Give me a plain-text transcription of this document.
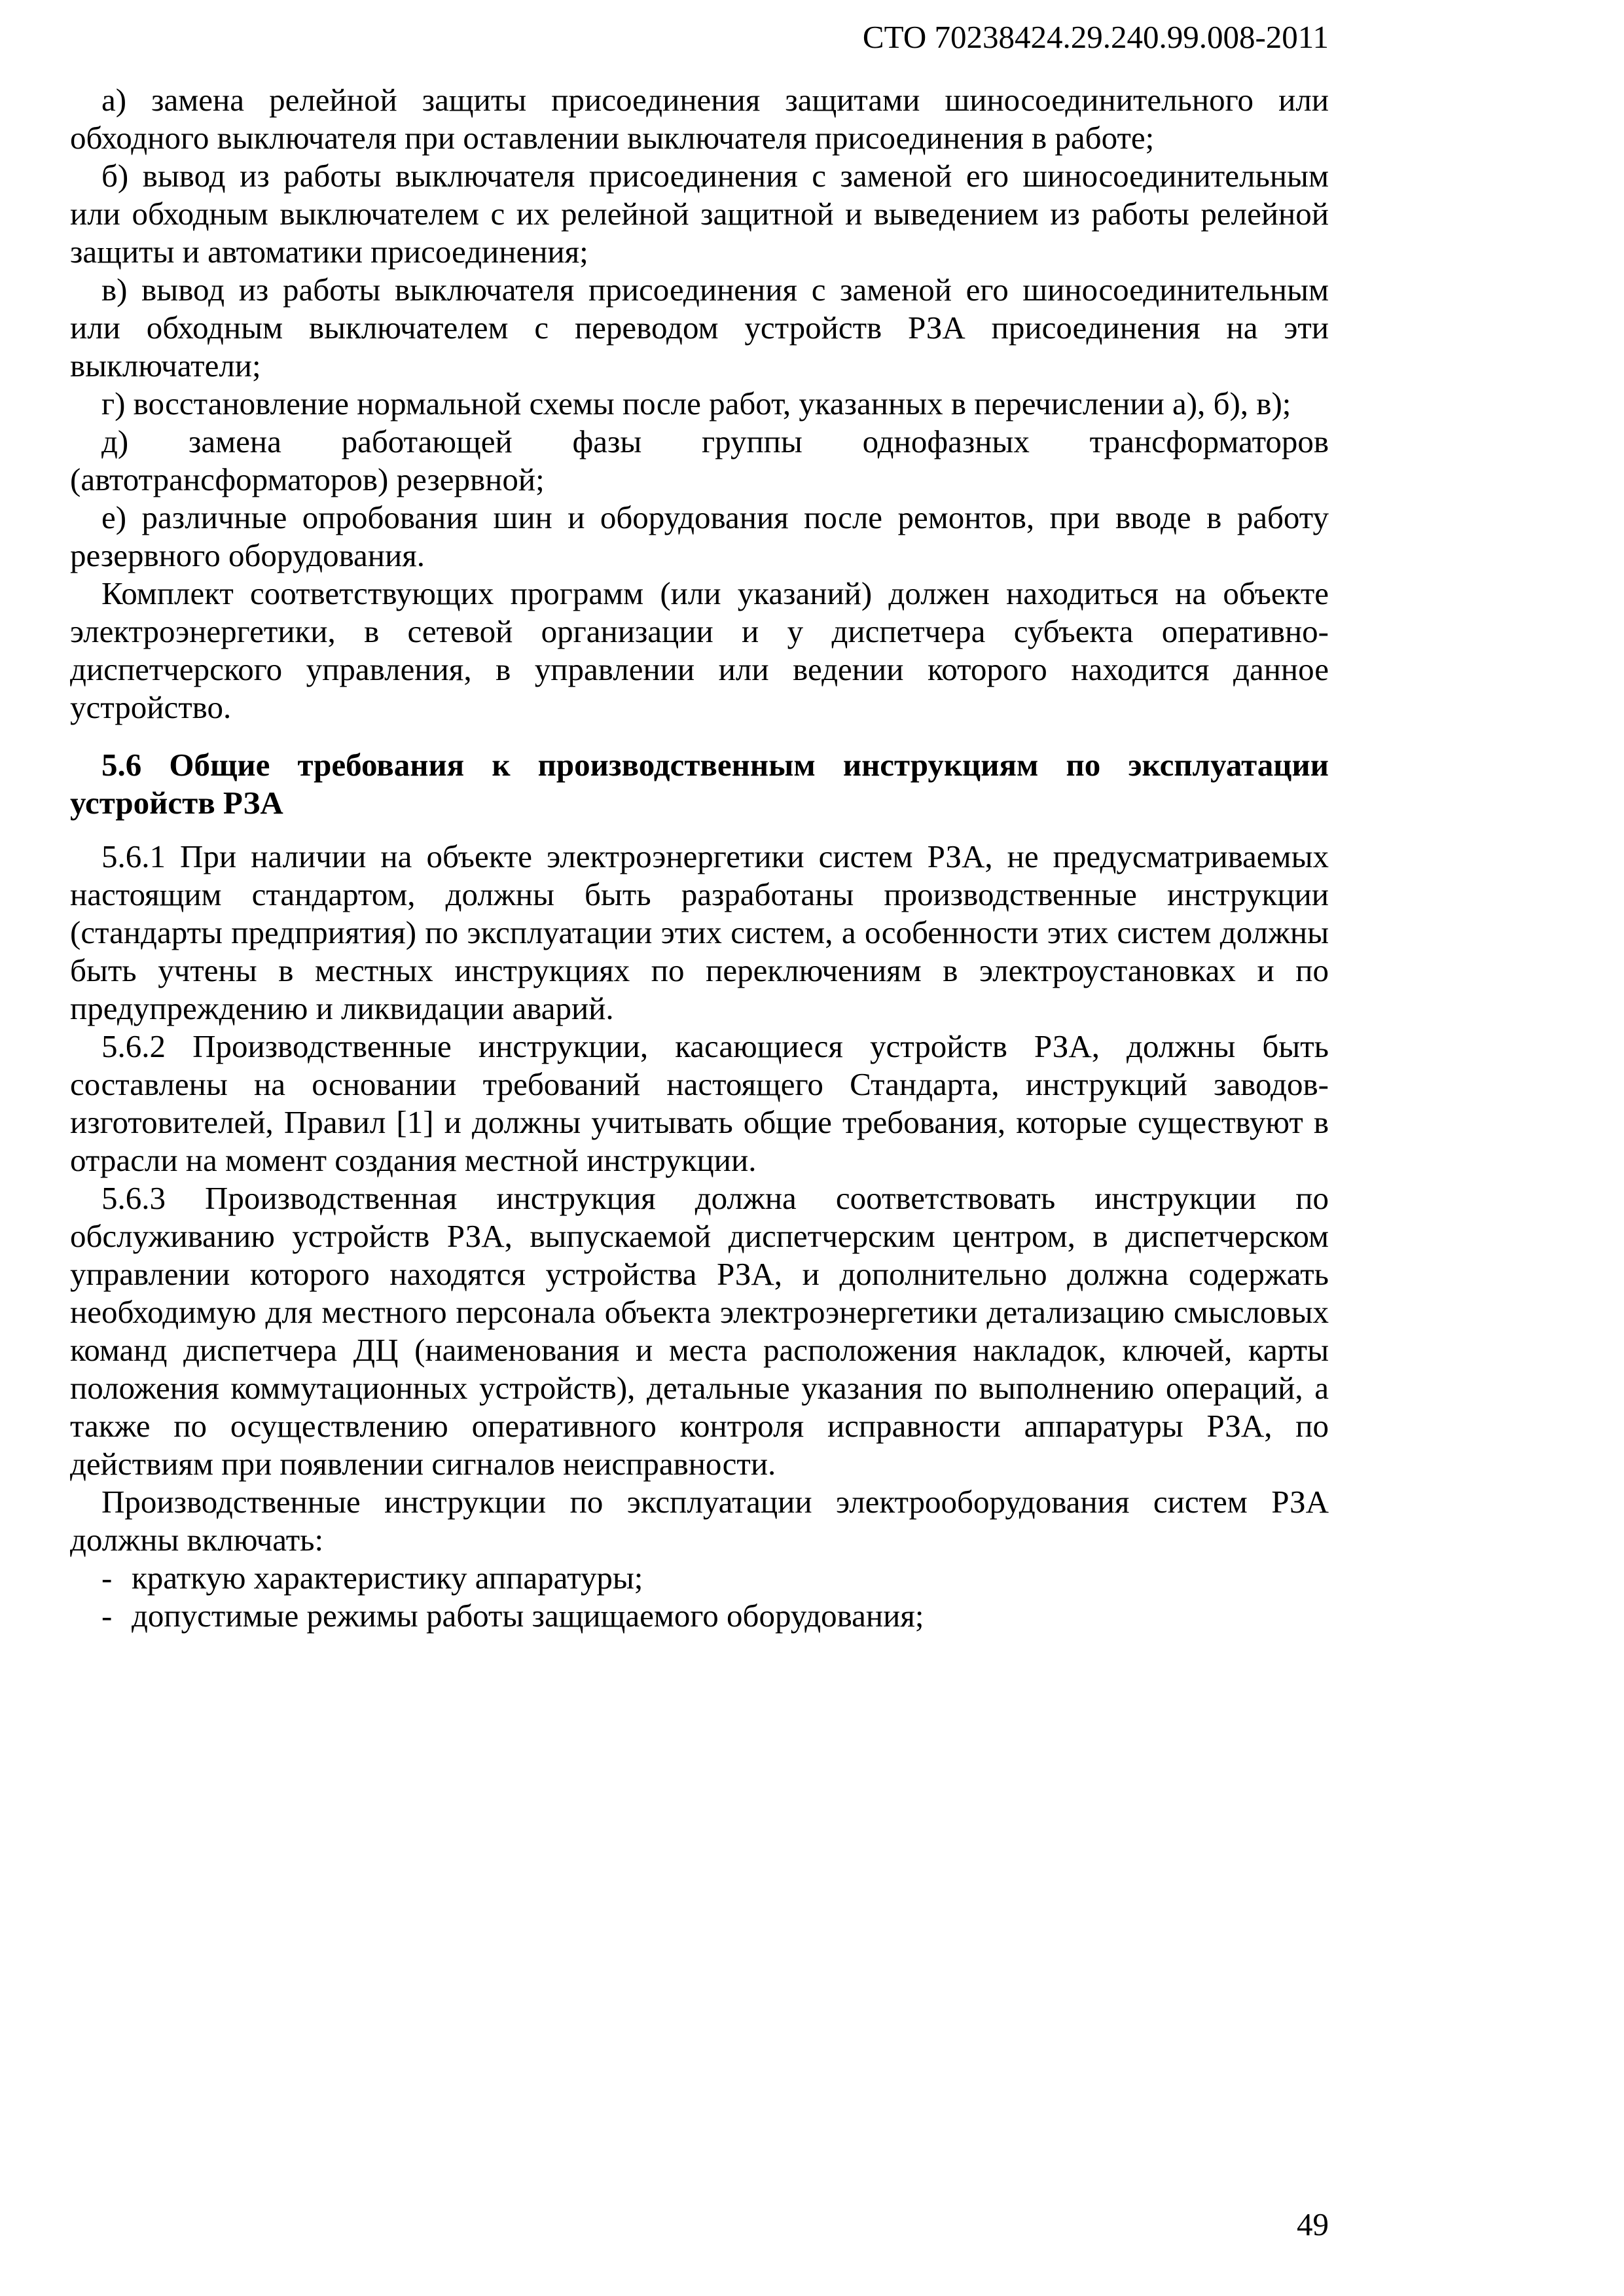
СТО 70238424.29.240.99.008-2011

а) замена релейной защиты присоединения защитами шиносоединительного или обходного выключателя при оставлении выключателя присоединения в работе;

б) вывод из работы выключателя присоединения с заменой его шиносоединительным или обходным выключателем с их релейной защитной и выведением из работы релейной защиты и автоматики присоединения;

в) вывод из работы выключателя присоединения с заменой его шиносоединительным или обходным выключателем с переводом устройств РЗА присоединения на эти выключатели;

г) восстановление нормальной схемы после работ, указанных в перечислении а), б), в);

д) замена работающей фазы группы однофазных трансформаторов (автотрансформаторов) резервной;

е) различные опробования шин и оборудования после ремонтов, при вводе в работу резервного оборудования.

Комплект соответствующих программ (или указаний) должен находиться на объекте электроэнергетики, в сетевой организации и у диспетчера субъекта оперативно-диспетчерского управления, в управлении или ведении которого находится данное устройство.

5.6 Общие требования к производственным инструкциям по эксплуатации устройств РЗА

5.6.1 При наличии на объекте электроэнергетики систем РЗА, не предусматриваемых настоящим стандартом, должны быть разработаны производственные инструкции (стандарты предприятия) по эксплуатации этих систем, а особенности этих систем должны быть учтены в местных инструкциях по переключениям в электроустановках и по предупреждению и ликвидации аварий.

5.6.2 Производственные инструкции, касающиеся устройств РЗА, должны быть составлены на основании требований настоящего Стандарта, инструкций заводов-изготовителей, Правил [1] и должны учитывать общие требования, которые существуют в отрасли на момент создания местной инструкции.

5.6.3 Производственная инструкция должна соответствовать инструкции по обслуживанию устройств РЗА, выпускаемой диспетчерским центром, в диспетчерском управлении которого находятся устройства РЗА, и дополнительно должна содержать необходимую для местного персонала объекта электроэнергетики детализацию смысловых команд диспетчера ДЦ (наименования и места расположения накладок, ключей, карты положения коммутационных устройств), детальные указания по выполнению операций, а также по осуществлению оперативного контроля исправности аппаратуры РЗА, по действиям при появлении сигналов неисправности.

Производственные инструкции по эксплуатации электрооборудования систем РЗА должны включать:

- краткую характеристику аппаратуры;

- допустимые режимы работы защищаемого оборудования;

49
